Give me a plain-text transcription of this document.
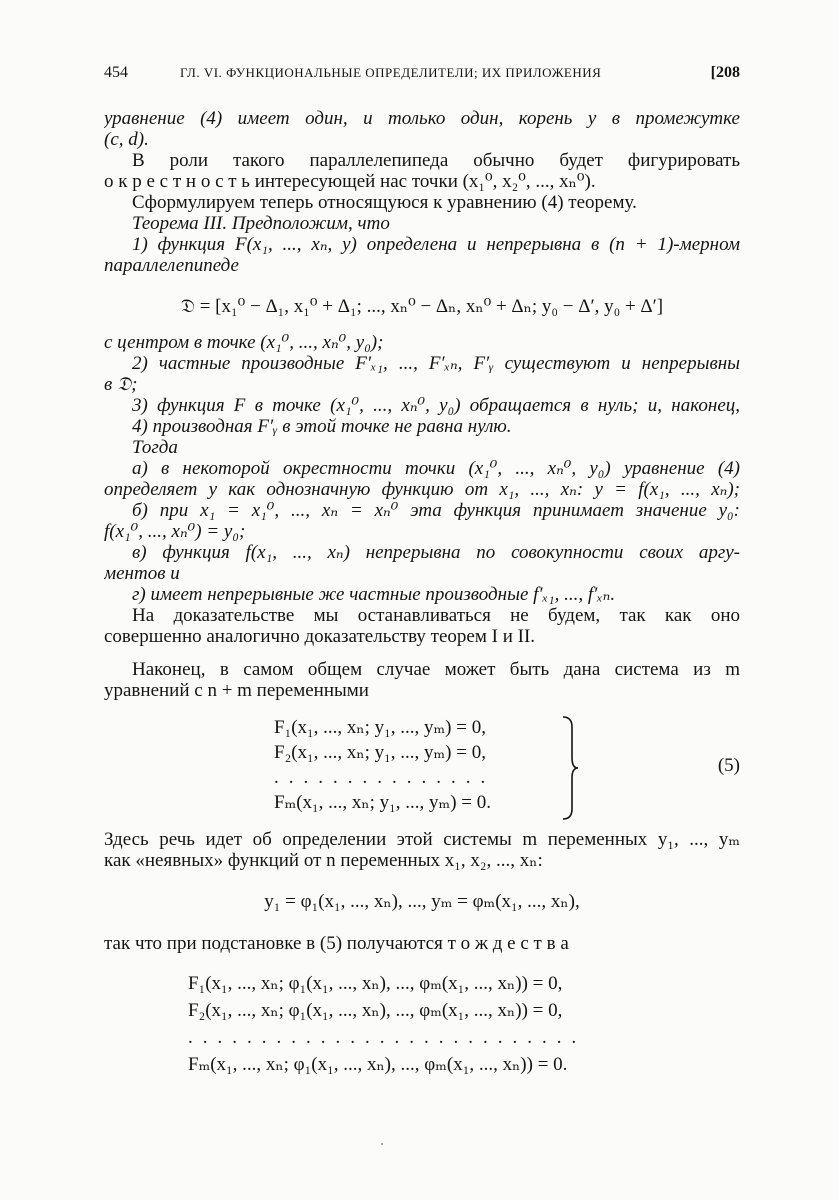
454	ГЛ. VI. ФУНКЦИОНАЛЬНЫЕ ОПРЕДЕЛИТЕЛИ; ИХ ПРИЛОЖЕНИЯ	[208
уравнение (4) имеет один, и только один, корень y в промежутке
(c, d).
В роли такого параллелепипеда обычно будет фигурировать
о к р е с т н о с т ь интересующей нас точки (x₁⁰, x₂⁰, ..., xₙ⁰).
Сформулируем теперь относящуюся к уравнению (4) теорему.
Теорема III. Предположим, что
1) функция F(x₁, ..., xₙ, y) определена и непрерывна в (n + 1)-мерном
параллелепипеде
𝔇 = [x₁⁰ − Δ₁, x₁⁰ + Δ₁; ..., xₙ⁰ − Δₙ, xₙ⁰ + Δₙ; y₀ − Δ′, y₀ + Δ′]
с центром в точке (x₁⁰, ..., xₙ⁰, y₀);
2) частные производные F′ₓ₁, ..., F′ₓₙ, F′ᵧ существуют и непрерывны
в 𝔇;
3) функция F в точке (x₁⁰, ..., xₙ⁰, y₀) обращается в нуль; и, наконец,
4) производная F′ᵧ в этой точке не равна нулю.
Тогда
а) в некоторой окрестности точки (x₁⁰, ..., xₙ⁰, y₀) уравнение (4)
определяет y как однозначную функцию от x₁, ..., xₙ: y = f(x₁, ..., xₙ);
б) при x₁ = x₁⁰, ..., xₙ = xₙ⁰ эта функция принимает значение y₀:
f(x₁⁰, ..., xₙ⁰) = y₀;
в) функция f(x₁, ..., xₙ) непрерывна по совокупности своих аргу-
ментов и
г) имеет непрерывные же частные производные f′ₓ₁, ..., f′ₓₙ.
На доказательстве мы останавливаться не будем, так как оно
совершенно аналогично доказательству теорем I и II.
Наконец, в самом общем случае может быть дана система из m
уравнений с n + m переменными
F₁(x₁, ..., xₙ; y₁, ..., yₘ) = 0,
F₂(x₁, ..., xₙ; y₁, ..., yₘ) = 0,
...............
Fₘ(x₁, ..., xₙ; y₁, ..., yₘ) = 0.
(5)
Здесь речь идет об определении этой системы m переменных y₁, ..., yₘ
как «неявных» функций от n переменных x₁, x₂, ..., xₙ:
y₁ = φ₁(x₁, ..., xₙ), ..., yₘ = φₘ(x₁, ..., xₙ),
так что при подстановке в (5) получаются т о ж д е с т в а
F₁(x₁, ..., xₙ; φ₁(x₁, ..., xₙ), ..., φₘ(x₁, ..., xₙ)) = 0,
F₂(x₁, ..., xₙ; φ₁(x₁, ..., xₙ), ..., φₘ(x₁, ..., xₙ)) = 0,
...........................
Fₘ(x₁, ..., xₙ; φ₁(x₁, ..., xₙ), ..., φₘ(x₁, ..., xₙ)) = 0.
